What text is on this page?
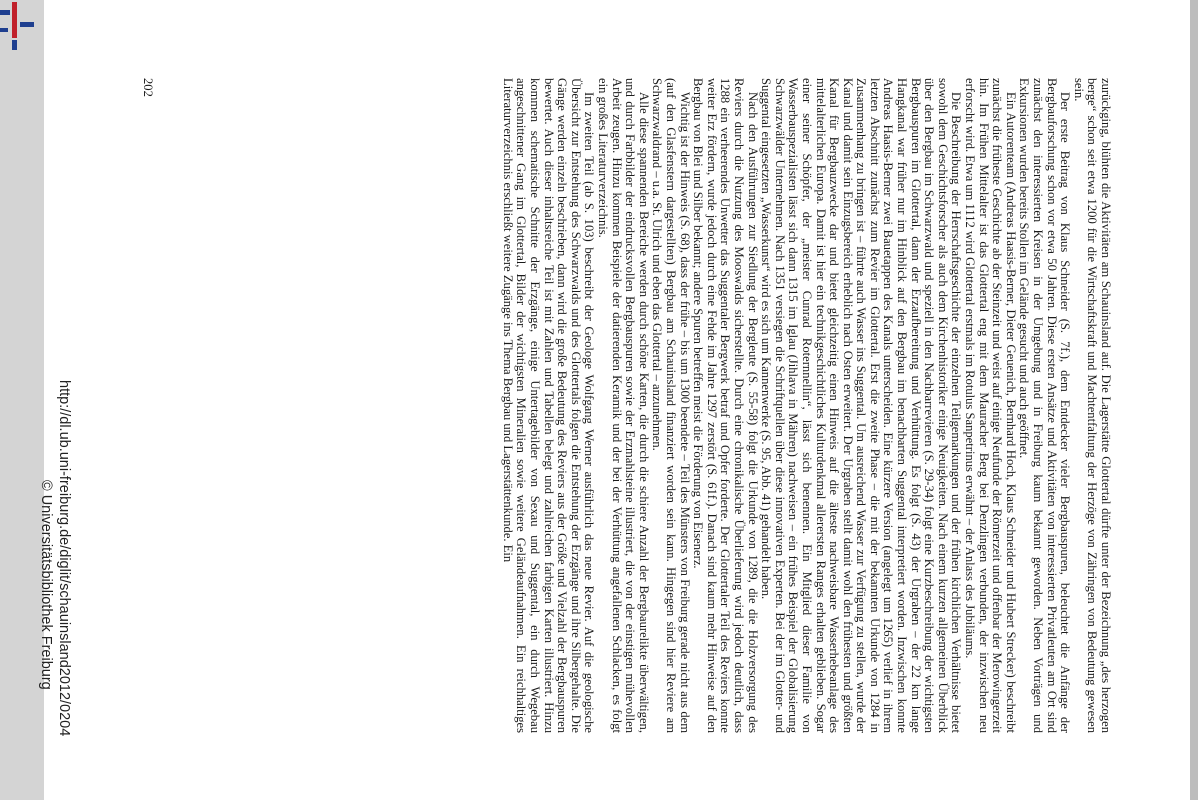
zurückging, blühten die Aktivitäten am Schauinsland auf. Die Lagerstätte Glottertal dürfte unter der Bezeichnung „des herzogen berge“ schon seit etwa 1200 für die Wirtschaftskraft und Machtentfaltung der Herzöge von Zähringen von Bedeutung gewesen sein.

Der erste Beitrag von Klaus Schneider (S. 7f.), dem Entdecker vieler Bergbauspuren, beleuchtet die Anfänge der Bergbauforschung schon vor etwa 50 Jahren. Diese ersten Ansätze und Aktivitäten von interessierten Privatleuten am Ort sind zunächst den interessierten Kreisen in der Umgebung und in Freiburg kaum bekannt geworden. Neben Vorträgen und Exkursionen wurden bereits Stollen im Gelände gesucht und auch geöffnet.

Ein Autorenteam (Andreas Haasis-Berner, Dieter Geuenich, Bernhard Hoch, Klaus Schneider und Hubert Strecker) beschreibt zunächst die früheste Geschichte ab der Steinzeit und weist auf einige Neufunde der Römerzeit und offenbar der Merowingerzeit hin. Im Frühen Mittelalter ist das Glottertal eng mit dem Mauracher Berg bei Denzlingen verbunden, der inzwischen neu erforscht wird. Etwa um 1112 wird Glottertal erstmals im Rotulus Sanpetrinus erwähnt – der Anlass des Jubiläums.

Die Beschreibung der Herrschaftsgeschichte der einzelnen Teilgemarkungen und der frühen kirchlichen Verhältnisse bietet sowohl dem Geschichtsforscher als auch dem Kirchenhistoriker einige Neuigkeiten. Nach einem kurzen allgemeinen Überblick über den Bergbau im Schwarzwald und speziell in den Nachbarrevieren (S. 29-34) folgt eine Kurzbeschreibung der wichtigsten Bergbauspuren im Glottertal, dann der Erzaufbereitung und Verhüttung. Es folgt (S. 43) der Urgraben – der 22 km lange Hangkanal war früher nur im Hinblick auf den Bergbau im benachbarten Suggental interpretiert worden. Inzwischen konnte Andreas Haasis-Berner zwei Bauetappen des Kanals unterscheiden. Eine kürzere Version (angelegt um 1265) verlief in ihrem letzten Abschnitt zunächst zum Revier im Glottertal. Erst die zweite Phase – die mit der bekannten Urkunde von 1284 in Zusammenhang zu bringen ist – führte auch Wasser ins Suggental. Um ausreichend Wasser zur Verfügung zu stellen, wurde der Kanal und damit sein Einzugsbereich erheblich nach Osten erweitert. Der Urgraben stellt damit wohl den frühesten und größten Kanal für Bergbauzwecke dar und bietet gleichzeitig einen Hinweis auf die älteste nachweisbare Wasserhebeanlage des mittelalterlichen Europa. Damit ist hier ein technikgeschichtliches Kulturdenkmal allerersten Ranges erhalten geblieben. Sogar einer seiner Schöpfer, der „meister Cunrad Roternnellin“, lässt sich benennen. Ein Mitglied dieser Familie von Wasserbauspezialisten lässt sich dann 1315 im Iglau (Jihlava in Mähren) nachweisen – ein frühes Beispiel der Globalisierung Schwarzwälder Unternehmen. Nach 1351 versiegen die Schriftquellen über diese innovativen Experten. Bei der im Glotter- und Suggental eingesetzten „Wasserkunst“ wird es sich um Kannenwerke (S. 95, Abb. 41) gehandelt haben.

Nach den Ausführungen zur Siedlung der Bergleute (S. 55-58) folgt die Urkunde von 1289, die die Holzversorgung des Reviers durch die Nutzung des Mooswalds sicherstellte. Durch eine chronikalische Überlieferung wird jedoch deutlich, dass 1288 ein verheerendes Unwetter das Suggentaler Bergwerk betraf und Opfer forderte. Der Glottertaler Teil des Reviers konnte weiter Erz fördern, wurde jedoch durch eine Fehde im Jahre 1297 zerstört (S. 61f.). Danach sind kaum mehr Hinweise auf den Bergbau von Blei und Silber bekannt; andere Spuren betreffen meist die Förderung von Eisenerz.

Wichtig ist der Hinweis (S. 68), dass der frühe – bis um 1300 beendete – Teil des Münsters von Freiburg gerade nicht aus dem (auf den Glasfenstern dargestellten) Bergbau am Schauinsland finanziert worden sein kann. Hingegen sind hier Reviere am Schwarzwaldrand – u.a. St. Ulrich und eben das Glottertal – anzunehmen.

Alle diese spannenden Bereiche werden durch schöne Karten, die durch die schiere Anzahl der Bergbaurelikte überwältigen, und durch Farbbilder der eindrucksvollen Bergbauspuren sowie der Erzmahlsteine illustriert, die von der einstigen mühevollen Arbeit zeugen. Hinzu kommen Beispiele der datierenden Keramik und der bei der Verhüttung angefallenen Schlacken, es folgt ein großes Literaturverzeichnis.

Im zweiten Teil (ab S. 103) beschreibt der Geologe Wolfgang Werner ausführlich das neue Revier. Auf die geologische Übersicht zur Entstehung des Schwarzwalds und des Glottertals folgen die Entstehung der Erzgänge und ihre Silbergehalte. Die Gänge werden einzeln beschrieben, dann wird die große Bedeutung des Reviers aus der Größe und Vielzahl der Bergbauspuren bewertet. Auch dieser inhaltsreiche Teil ist mit Zahlen und Tabellen belegt und zahlreichen farbigen Karten illustriert. Hinzu kommen schematische Schnitte der Erzgänge, einige Untertagebilder von Sexau und Suggental, ein durch Wegebau angeschnittener Gang im Glottertal, Bilder der wichtigsten Mineralien sowie weitere Geländeaufnahmen. Ein reichhaltiges Literaturverzeichnis erschließt weitere Zugänge ins Thema Bergbau und Lagerstättenkunde. Ein

202
http://dl.ub.uni-freiburg.de/diglit/schauinsland2012/0204
© Universitätsbibliothek Freiburg
